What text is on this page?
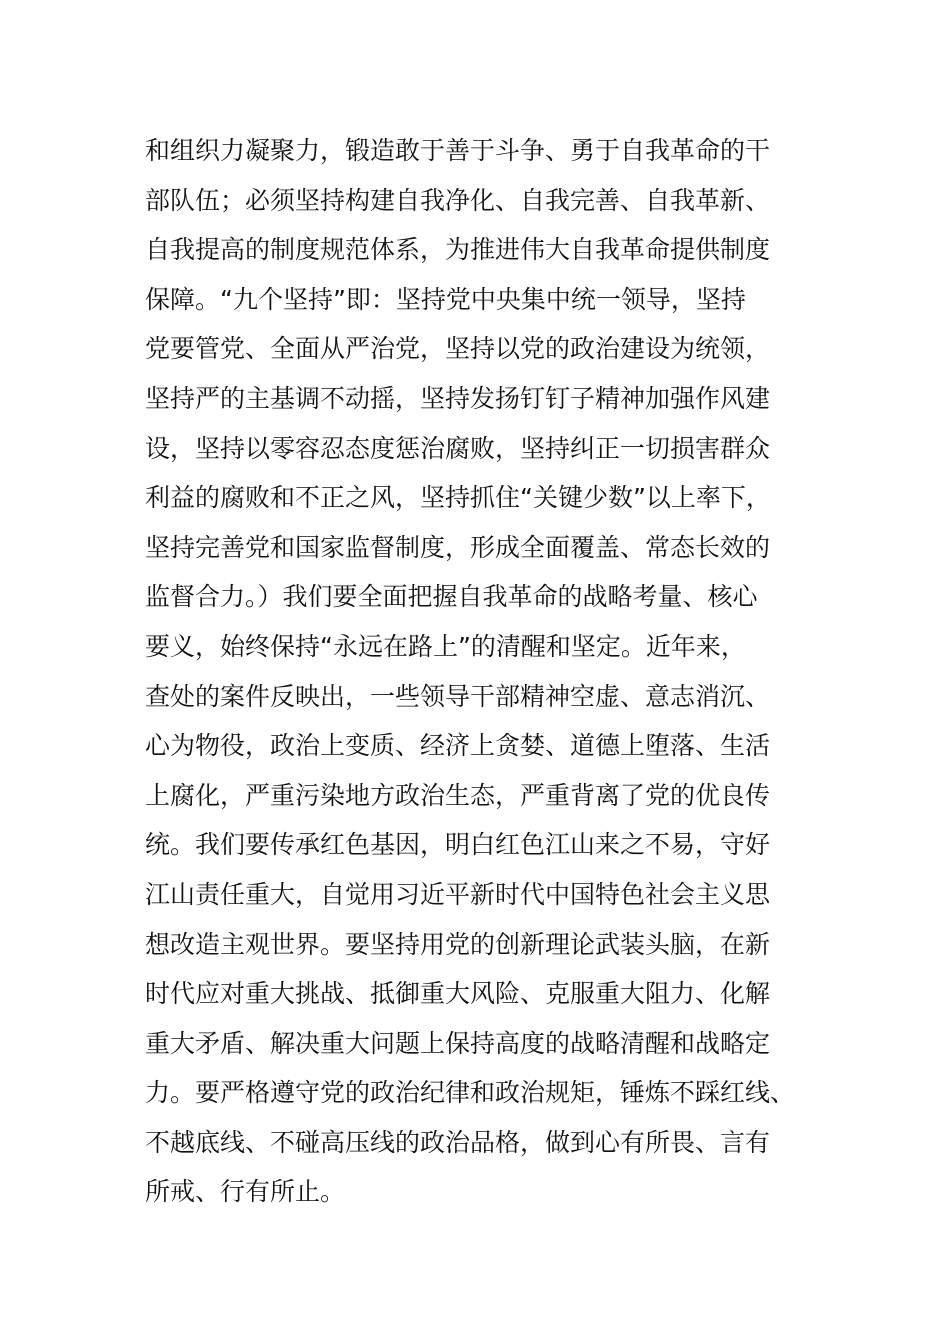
和组织力凝聚力，锻造敢于善于斗争、勇于自我革命的干
部队伍；必须坚持构建自我净化、自我完善、自我革新、
自我提高的制度规范体系，为推进伟大自我革命提供制度
保障。“九个坚持”即：坚持党中央集中统一领导，坚持
党要管党、全面从严治党，坚持以党的政治建设为统领，
坚持严的主基调不动摇，坚持发扬钉钉子精神加强作风建
设，坚持以零容忍态度惩治腐败，坚持纠正一切损害群众
利益的腐败和不正之风，坚持抓住“关键少数”以上率下，
坚持完善党和国家监督制度，形成全面覆盖、常态长效的
监督合力。）我们要全面把握自我革命的战略考量、核心
要义，始终保持“永远在路上”的清醒和坚定。近年来，
查处的案件反映出，一些领导干部精神空虚、意志消沉、
心为物役，政治上变质、经济上贪婪、道德上堕落、生活
上腐化，严重污染地方政治生态，严重背离了党的优良传
统。我们要传承红色基因，明白红色江山来之不易，守好
江山责任重大，自觉用习近平新时代中国特色社会主义思
想改造主观世界。要坚持用党的创新理论武装头脑，在新
时代应对重大挑战、抵御重大风险、克服重大阻力、化解
重大矛盾、解决重大问题上保持高度的战略清醒和战略定
力。要严格遵守党的政治纪律和政治规矩，锤炼不踩红线、
不越底线、不碰高压线的政治品格，做到心有所畏、言有
所戒、行有所止。
